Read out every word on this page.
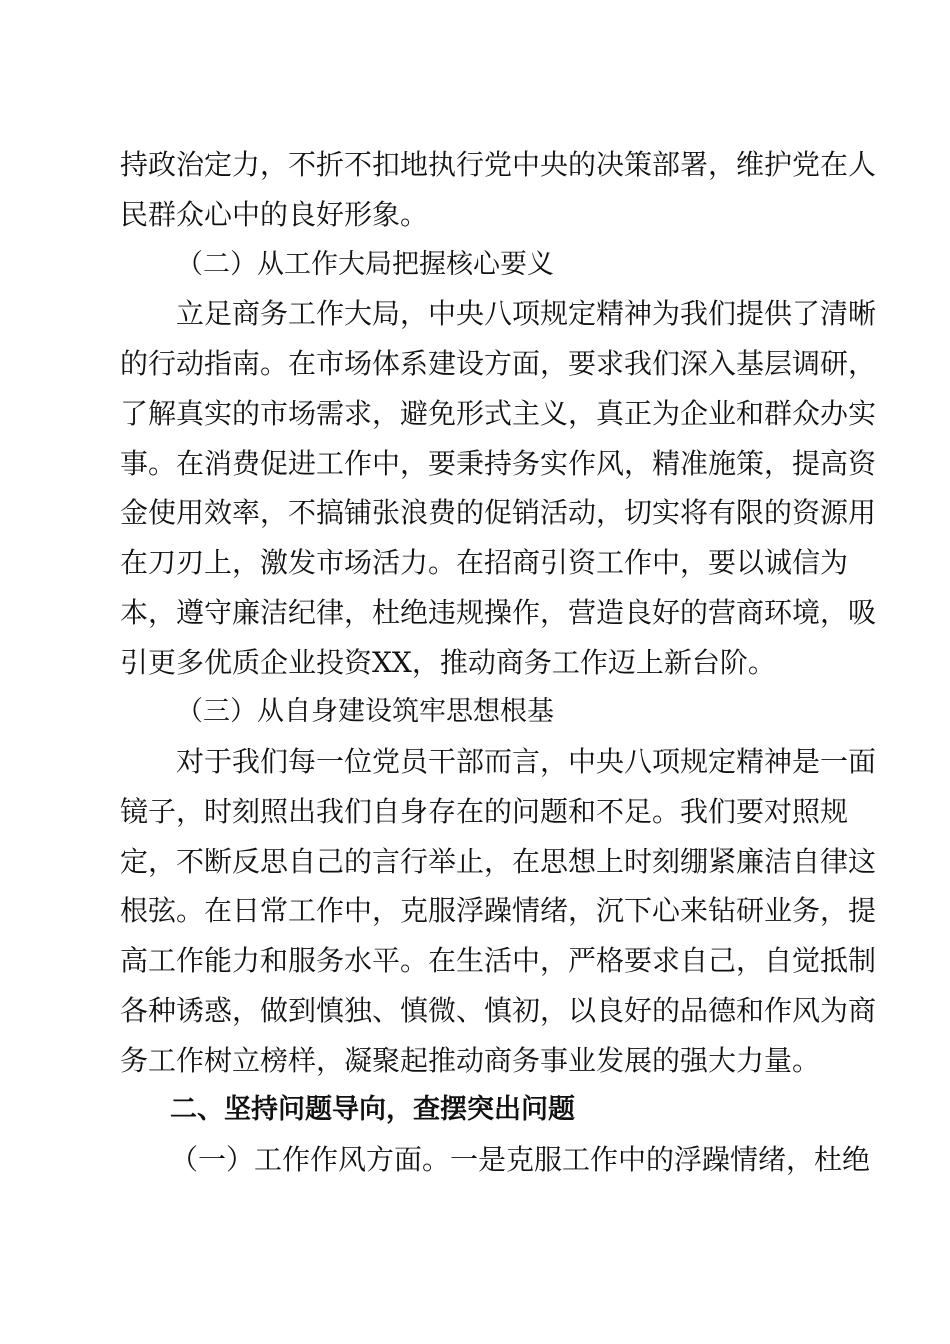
持政治定力，不折不扣地执行党中央的决策部署，维护党在人
民群众心中的良好形象。
（二）从工作大局把握核心要义
立足商务工作大局，中央八项规定精神为我们提供了清晰
的行动指南。在市场体系建设方面，要求我们深入基层调研，
了解真实的市场需求，避免形式主义，真正为企业和群众办实
事。在消费促进工作中，要秉持务实作风，精准施策，提高资
金使用效率，不搞铺张浪费的促销活动，切实将有限的资源用
在刀刃上，激发市场活力。在招商引资工作中，要以诚信为
本，遵守廉洁纪律，杜绝违规操作，营造良好的营商环境，吸
引更多优质企业投资XX，推动商务工作迈上新台阶。
（三）从自身建设筑牢思想根基
对于我们每一位党员干部而言，中央八项规定精神是一面
镜子，时刻照出我们自身存在的问题和不足。我们要对照规
定，不断反思自己的言行举止，在思想上时刻绷紧廉洁自律这
根弦。在日常工作中，克服浮躁情绪，沉下心来钻研业务，提
高工作能力和服务水平。在生活中，严格要求自己，自觉抵制
各种诱惑，做到慎独、慎微、慎初，以良好的品德和作风为商
务工作树立榜样，凝聚起推动商务事业发展的强大力量。
二、坚持问题导向，查摆突出问题
（一）工作作风方面。一是克服工作中的浮躁情绪，杜绝
